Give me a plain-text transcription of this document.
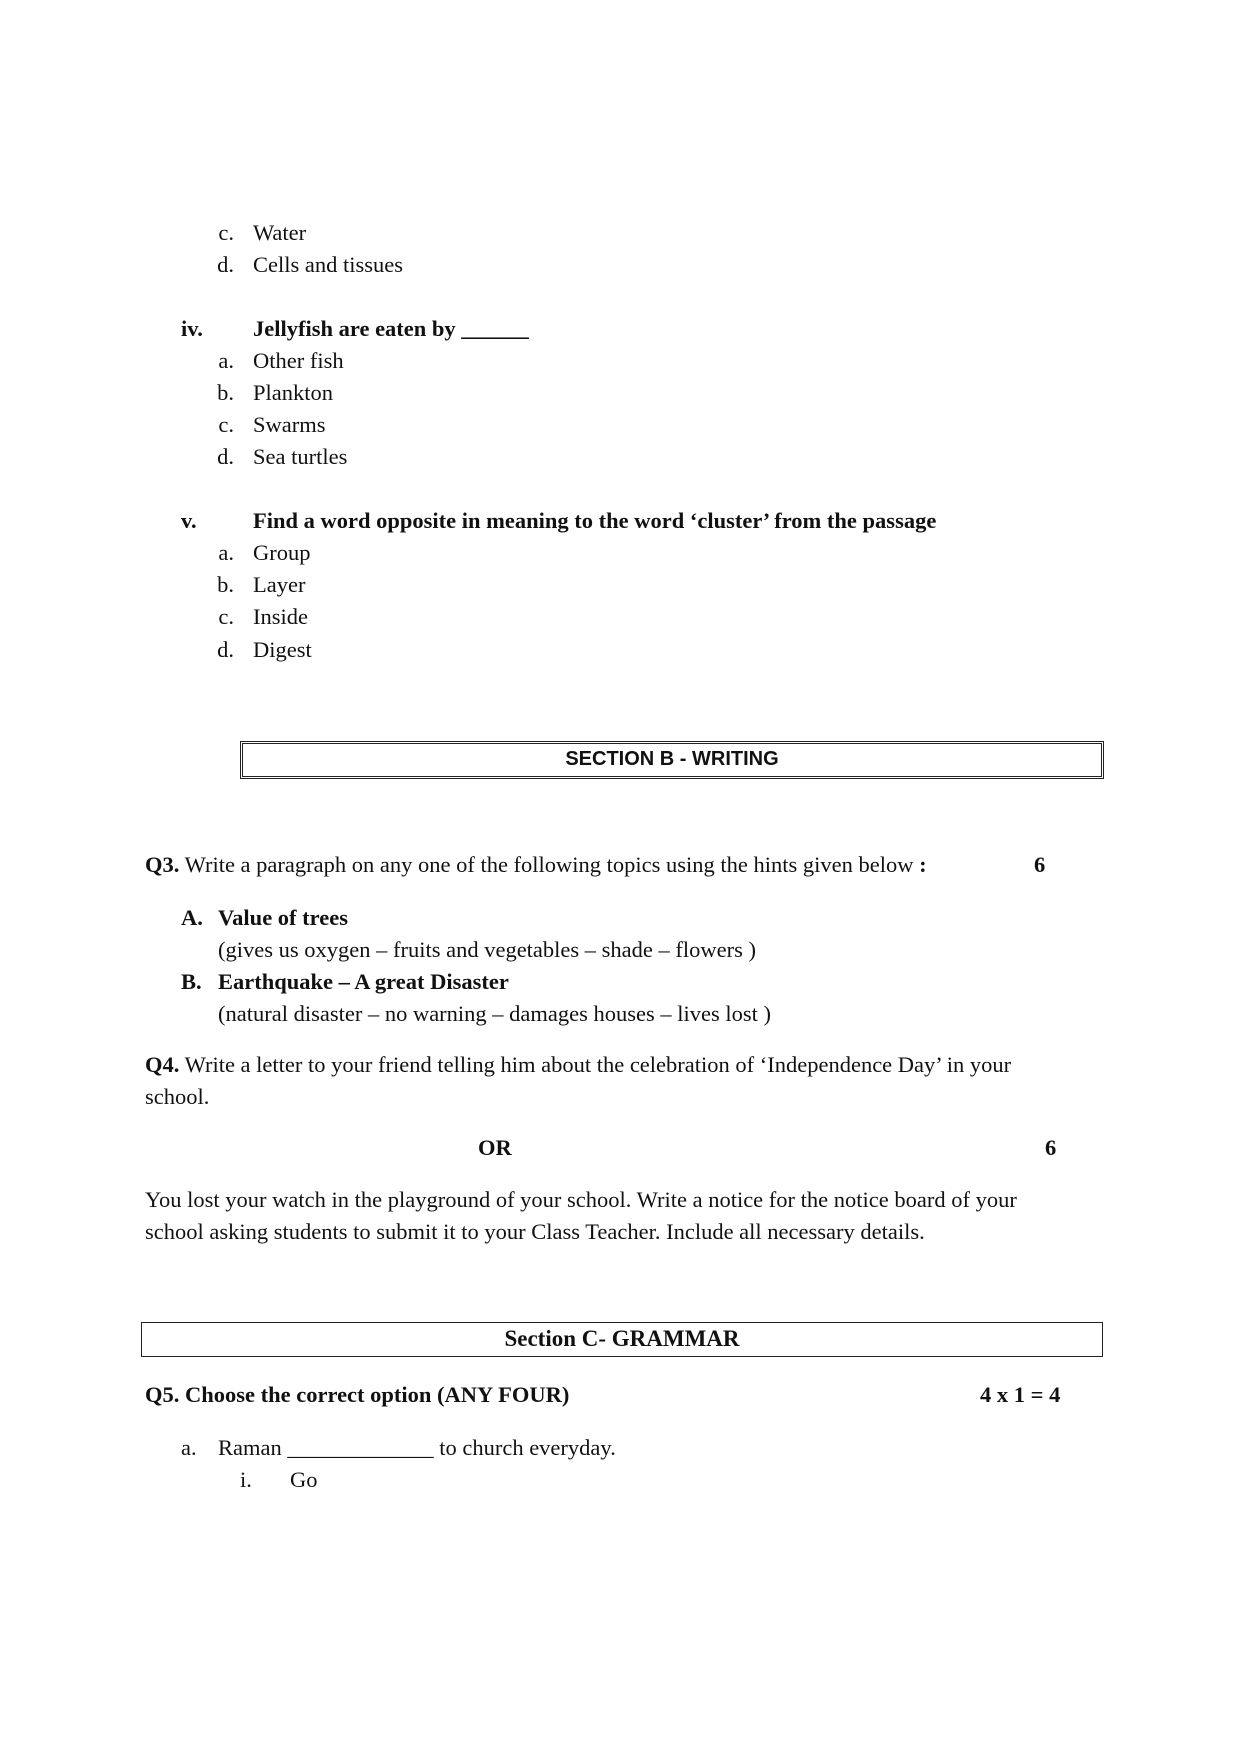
c. Water
d. Cells and tissues
iv. Jellyfish are eaten by ______
a. Other fish
b. Plankton
c. Swarms
d. Sea turtles
v.	Find a word opposite in meaning to the word ‘cluster’ from the passage
a. Group
b. Layer
c. Inside
d. Digest
SECTION B - WRITING
Q3. Write a paragraph on any one of the following topics using the hints given below :	6
A. Value of trees
(gives us oxygen – fruits and vegetables – shade – flowers )
B. Earthquake – A great Disaster
(natural disaster – no warning – damages houses – lives lost )
Q4. Write a letter to your friend telling him about the celebration of ‘Independence Day’ in your
school.
OR	6
You lost your watch in the playground of your school. Write a notice for the notice board of your
school asking students to submit it to your Class Teacher. Include all necessary details.
Section C- GRAMMAR
Q5. Choose the correct option (ANY FOUR)	4 x 1 = 4
a. Raman _____________ to church everyday.
i. Go
